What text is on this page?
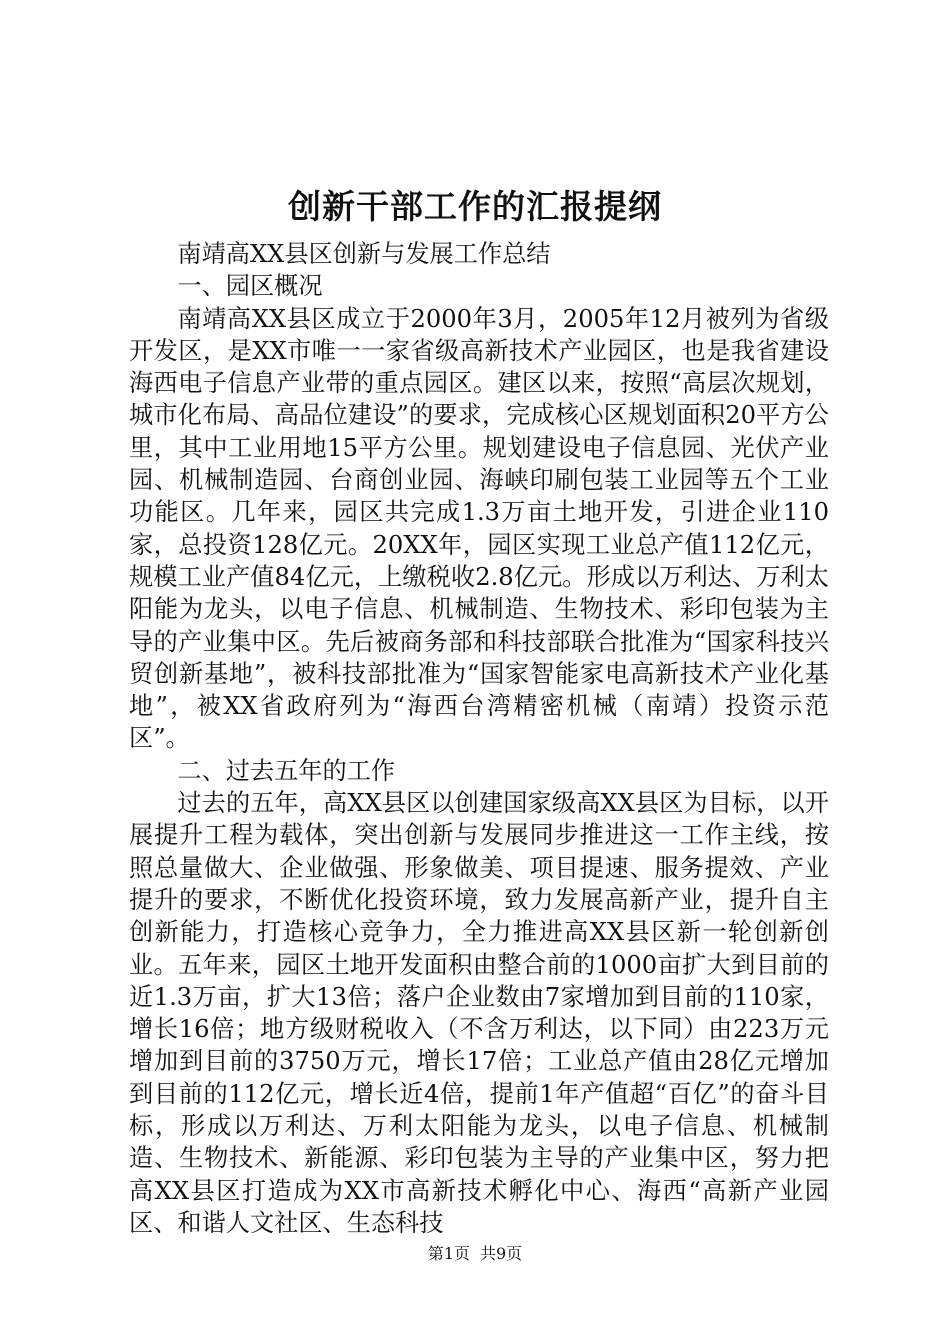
创新干部工作的汇报提纲

南靖高XX县区创新与发展工作总结

一、园区概况

南靖高XX县区成立于2000年3月，2005年12月被列为省级开发区，是XX市唯一一家省级高新技术产业园区，也是我省建设海西电子信息产业带的重点园区。建区以来，按照“高层次规划，城市化布局、高品位建设”的要求，完成核心区规划面积20平方公里，其中工业用地15平方公里。规划建设电子信息园、光伏产业园、机械制造园、台商创业园、海峡印刷包装工业园等五个工业功能区。几年来，园区共完成1.3万亩土地开发，引进企业110家，总投资128亿元。20XX年，园区实现工业总产值112亿元，规模工业产值84亿元，上缴税收2.8亿元。形成以万利达、万利太阳能为龙头，以电子信息、机械制造、生物技术、彩印包装为主导的产业集中区。先后被商务部和科技部联合批准为“国家科技兴贸创新基地”，被科技部批准为“国家智能家电高新技术产业化基地”，被XX省政府列为“海西台湾精密机械（南靖）投资示范区”。

二、过去五年的工作

过去的五年，高XX县区以创建国家级高XX县区为目标，以开展提升工程为载体，突出创新与发展同步推进这一工作主线，按照总量做大、企业做强、形象做美、项目提速、服务提效、产业提升的要求，不断优化投资环境，致力发展高新产业，提升自主创新能力，打造核心竞争力，全力推进高XX县区新一轮创新创业。五年来，园区土地开发面积由整合前的1000亩扩大到目前的近1.3万亩，扩大13倍；落户企业数由7家增加到目前的110家，增长16倍；地方级财税收入（不含万利达，以下同）由223万元增加到目前的3750万元，增长17倍；工业总产值由28亿元增加到目前的112亿元，增长近4倍，提前1年产值超“百亿”的奋斗目标，形成以万利达、万利太阳能为龙头，以电子信息、机械制造、生物技术、新能源、彩印包装为主导的产业集中区，努力把高XX县区打造成为XX市高新技术孵化中心、海西“高新产业园区、和谐人文社区、生态科技

第1页 共9页
